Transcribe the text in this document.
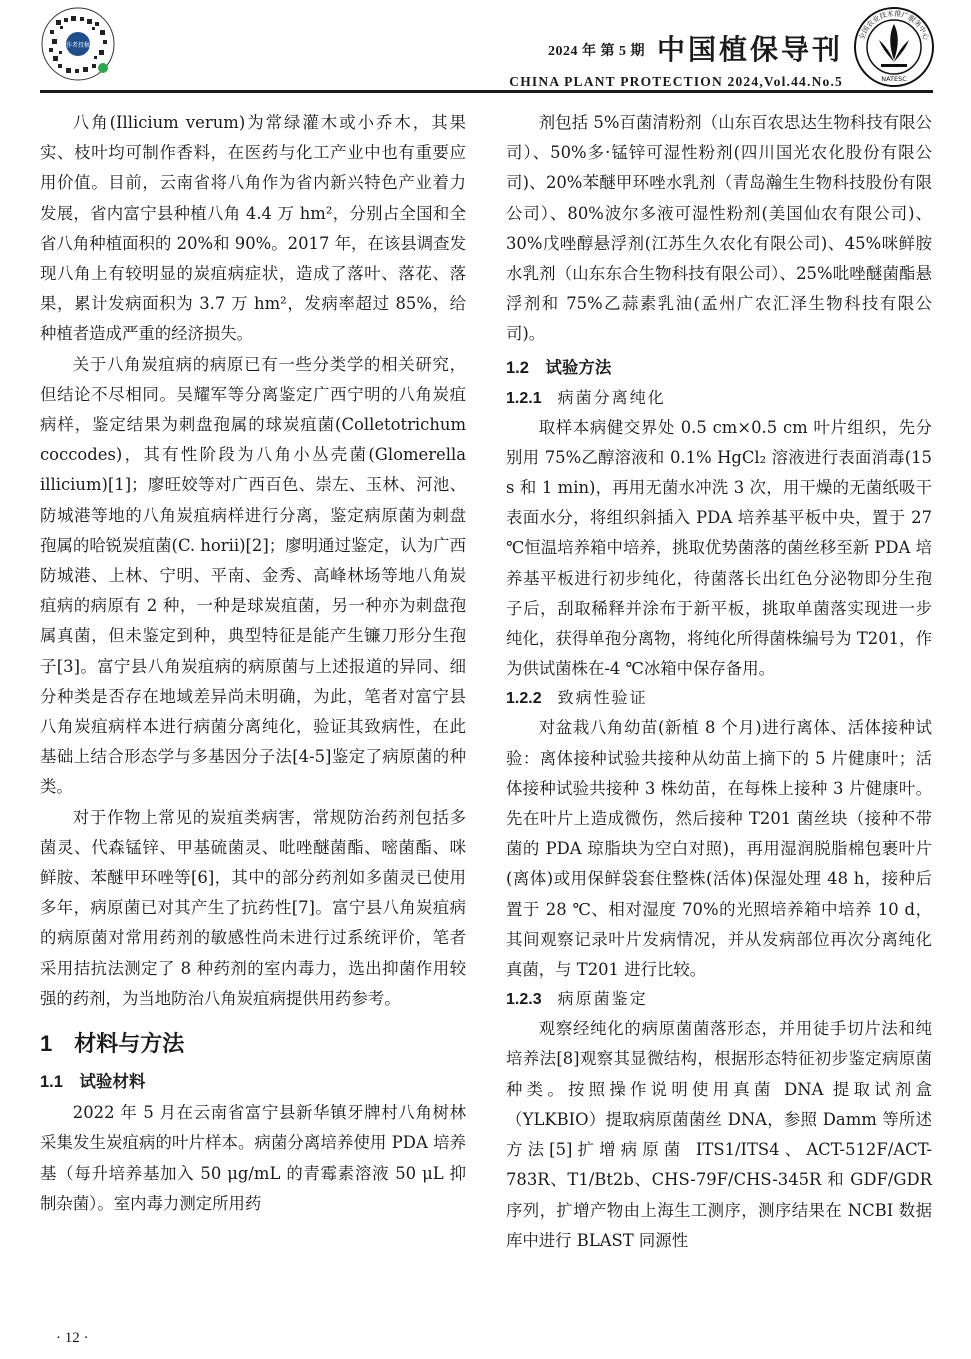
作者投稿	2024 年 第 5 期 中国植保导刊
CHINA PLANT PROTECTION 2024,Vol.44.No.5
全国农业技术推广服务中心
NATESC

八角(Illicium verum)为常绿灌木或小乔木，其果实、枝叶均可制作香料，在医药与化工产业中也有重要应用价值。目前，云南省将八角作为省内新兴特色产业着力发展，省内富宁县种植八角 4.4 万 hm²，分别占全国和全省八角种植面积的 20%和 90%。2017 年，在该县调查发现八角上有较明显的炭疽病症状，造成了落叶、落花、落果，累计发病面积为 3.7 万 hm²，发病率超过 85%，给种植者造成严重的经济损失。

关于八角炭疽病的病原已有一些分类学的相关研究，但结论不尽相同。吴耀军等分离鉴定广西宁明的八角炭疽病样，鉴定结果为刺盘孢属的球炭疽菌(Colletotrichum coccodes)，其有性阶段为八角小丛壳菌(Glomerella illicium)[1]；廖旺姣等对广西百色、崇左、玉林、河池、防城港等地的八角炭疽病样进行分离，鉴定病原菌为刺盘孢属的哈锐炭疽菌(C. horii)[2]；廖明通过鉴定，认为广西防城港、上林、宁明、平南、金秀、高峰林场等地八角炭疽病的病原有 2 种，一种是球炭疽菌，另一种亦为刺盘孢属真菌，但未鉴定到种，典型特征是能产生镰刀形分生孢子[3]。富宁县八角炭疽病的病原菌与上述报道的异同、细分种类是否存在地域差异尚未明确，为此，笔者对富宁县八角炭疽病样本进行病菌分离纯化，验证其致病性，在此基础上结合形态学与多基因分子法[4-5]鉴定了病原菌的种类。

对于作物上常见的炭疽类病害，常规防治药剂包括多菌灵、代森锰锌、甲基硫菌灵、吡唑醚菌酯、嘧菌酯、咪鲜胺、苯醚甲环唑等[6]，其中的部分药剂如多菌灵已使用多年，病原菌已对其产生了抗药性[7]。富宁县八角炭疽病的病原菌对常用药剂的敏感性尚未进行过系统评价，笔者采用拮抗法测定了 8 种药剂的室内毒力，选出抑菌作用较强的药剂，为当地防治八角炭疽病提供用药参考。

1　材料与方法
1.1　试验材料

2022 年 5 月在云南省富宁县新华镇牙牌村八角树林采集发生炭疽病的叶片样本。病菌分离培养使用 PDA 培养基（每升培养基加入 50 μg/mL 的青霉素溶液 50 μL 抑制杂菌）。室内毒力测定所用药

剂包括 5%百菌清粉剂（山东百农思达生物科技有限公司）、50%多·锰锌可湿性粉剂(四川国光农化股份有限公司)、20%苯醚甲环唑水乳剂（青岛瀚生生物科技股份有限公司）、80%波尔多液可湿性粉剂(美国仙农有限公司)、30%戊唑醇悬浮剂(江苏生久农化有限公司)、45%咪鲜胺水乳剂（山东东合生物科技有限公司）、25%吡唑醚菌酯悬浮剂和 75%乙蒜素乳油(孟州广农汇泽生物科技有限公司)。

1.2　试验方法
1.2.1 病菌分离纯化

取样本病健交界处 0.5 cm×0.5 cm 叶片组织，先分别用 75%乙醇溶液和 0.1% HgCl₂ 溶液进行表面消毒(15 s 和 1 min)，再用无菌水冲洗 3 次，用干燥的无菌纸吸干表面水分，将组织斜插入 PDA 培养基平板中央，置于 27 ℃恒温培养箱中培养，挑取优势菌落的菌丝移至新 PDA 培养基平板进行初步纯化，待菌落长出红色分泌物即分生孢子后，刮取稀释并涂布于新平板，挑取单菌落实现进一步纯化，获得单孢分离物，将纯化所得菌株编号为 T201，作为供试菌株在-4 ℃冰箱中保存备用。

1.2.2 致病性验证

对盆栽八角幼苗(新植 8 个月)进行离体、活体接种试验：离体接种试验共接种从幼苗上摘下的 5 片健康叶；活体接种试验共接种 3 株幼苗，在每株上接种 3 片健康叶。先在叶片上造成微伤，然后接种 T201 菌丝块（接种不带菌的 PDA 琼脂块为空白对照)，再用湿润脱脂棉包裹叶片(离体)或用保鲜袋套住整株(活体)保湿处理 48 h，接种后置于 28 ℃、相对湿度 70%的光照培养箱中培养 10 d，其间观察记录叶片发病情况，并从发病部位再次分离纯化真菌，与 T201 进行比较。

1.2.3 病原菌鉴定

观察经纯化的病原菌菌落形态，并用徒手切片法和纯培养法[8]观察其显微结构，根据形态特征初步鉴定病原菌种类。按照操作说明使用真菌 DNA 提取试剂盒（YLKBIO）提取病原菌菌丝 DNA，参照 Damm 等所述方法[5]扩增病原菌 ITS1/ITS4、ACT-512F/ACT-783R、T1/Bt2b、CHS-79F/CHS-345R 和 GDF/GDR 序列，扩增产物由上海生工测序，测序结果在 NCBI 数据库中进行 BLAST 同源性

· 12 ·
